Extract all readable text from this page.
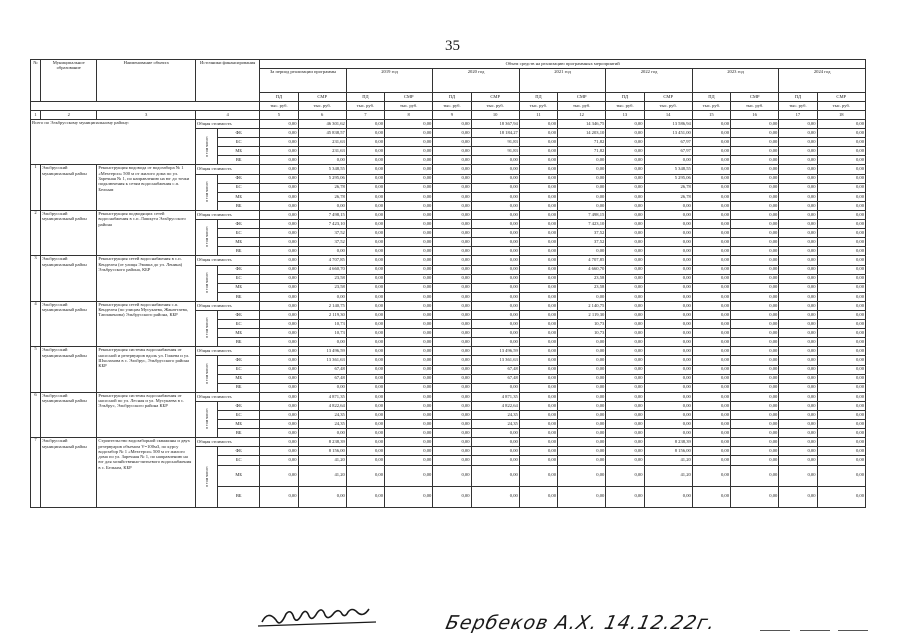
35
№	Муниципальное образование	Наименование объекта	Источники финансирования		Объем средств на реализацию программных мероприятий													
					За период реализации программы		2019 год		2020 год		2021 год		2022 год		2023 год		2024 год	
					ПД	СМР	ПД	СМР	ПД	СМР	ПД	СМР	ПД	СМР	ПД	СМР	ПД	СМР
					тыс. руб.	тыс. руб.	тыс. руб.	тыс. руб.	тыс. руб.	тыс. руб.	тыс. руб.	тыс. руб.	тыс. руб.	тыс. руб.	тыс. руб.	тыс. руб.	тыс. руб.	тыс. руб.
1	2	3	4		5	6	7	8	9	10	11	12	13	14	15	16	17	18
Всего по Эльбрусскому муниципальному району:			Общая стоимость		0,00	46 301,62	0,00	0,00	0,00	18 367,94	0,00	14 346,75	0,00	13 586,94	0,00	0,00	0,00	0,00
			в том числе:	ФБ	0,00	45 838,57	0,00	0,00	0,00	18 184,27	0,00	14 203,10	0,00	13 451,00	0,00	0,00	0,00	0,00
				БС	0,00	231,63	0,00	0,00	0,00	91,83	0,00	71,82	0,00	67,97	0,00	0,00	0,00	0,00
				МБ	0,00	231,63	0,00	0,00	0,00	91,83	0,00	71,82	0,00	67,97	0,00	0,00	0,00	0,00
				ВБ	0,00	0,00	0,00	0,00	0,00	0,00	0,00	0,00	0,00	0,00	0,00	0,00	0,00	0,00
1	Эльбрусский муниципальный район	Реконструкция водовода от водозабора № 1 «Мехтерси» 500 м от жилого дома по ул. Заречная № 1, по направлению на юг до точки подключения к сетям водоснабжения с.п. Бельым	Общая стоимость		0,00	5 348,55	0,00	0,00	0,00	0,00	0,00	0,00	0,00	5 348,55	0,00	0,00	0,00	0,00
			в том числе:	ФБ	0,00	5 295,06	0,00	0,00	0,00	0,00	0,00	0,00	0,00	5 295,06	0,00	0,00	0,00	0,00
				БС	0,00	26,78	0,00	0,00	0,00	0,00	0,00	0,00	0,00	26,78	0,00	0,00	0,00	0,00
				МБ	0,00	26,78	0,00	0,00	0,00	0,00	0,00	0,00	0,00	26,78	0,00	0,00	0,00	0,00
				ВБ	0,00	0,00	0,00	0,00	0,00	0,00	0,00	0,00	0,00	0,00	0,00	0,00	0,00	0,00
2	Эльбрусский муниципальный район	Реконструкция подводящих сетей водоснабжения в с.п. Лашкута Эльбрусского района	Общая стоимость		0,00	7 498,15	0,00	0,00	0,00	0,00	0,00	7 498,15	0,00	0,00	0,00	0,00	0,00	0,00
			в том числе:	ФБ	0,00	7 423,10	0,00	0,00	0,00	0,00	0,00	7 423,10	0,00	0,00	0,00	0,00	0,00	0,00
				БС	0,00	37,52	0,00	0,00	0,00	0,00	0,00	37,52	0,00	0,00	0,00	0,00	0,00	0,00
				МБ	0,00	37,52	0,00	0,00	0,00	0,00	0,00	37,52	0,00	0,00	0,00	0,00	0,00	0,00
				ВБ	0,00	0,00	0,00	0,00	0,00	0,00	0,00	0,00	0,00	0,00	0,00	0,00	0,00	0,00
3	Эльбрусский муниципальный район	Реконструкция сетей водоснабжения в с.п. Кенделен (от улицы Эмиша до ул. Ленина) Эльбрусского района, КБР	Общая стоимость		0,00	4 707,85	0,00	0,00	0,00	0,00	0,00	4 707,85	0,00	0,00	0,00	0,00	0,00	0,00
			в том числе:	ФБ	0,00	4 660,70	0,00	0,00	0,00	0,00	0,00	4 660,70	0,00	0,00	0,00	0,00	0,00	0,00
				БС	0,00	23,58	0,00	0,00	0,00	0,00	0,00	23,58	0,00	0,00	0,00	0,00	0,00	0,00
				МБ	0,00	23,58	0,00	0,00	0,00	0,00	0,00	23,58	0,00	0,00	0,00	0,00	0,00	0,00
				ВБ	0,00	0,00	0,00	0,00	0,00	0,00	0,00	0,00	0,00	0,00	0,00	0,00	0,00	0,00
4	Эльбрусский муниципальный район	Реконструкция сетей водоснабжения с.п. Кенделен (по улицам Мусукаева, Жанаттаева, Таппакенова) Эльбрусского района, КБР	Общая стоимость		0,00	2 140,75	0,00	0,00	0,00	0,00	0,00	2 140,75	0,00	0,00	0,00	0,00	0,00	0,00
			в том числе:	ФБ	0,00	2 119,30	0,00	0,00	0,00	0,00	0,00	2 119,30	0,00	0,00	0,00	0,00	0,00	0,00
				БС	0,00	10,73	0,00	0,00	0,00	0,00	0,00	10,73	0,00	0,00	0,00	0,00	0,00	0,00
				МБ	0,00	10,73	0,00	0,00	0,00	0,00	0,00	10,73	0,00	0,00	0,00	0,00	0,00	0,00
				ВБ	0,00	0,00	0,00	0,00	0,00	0,00	0,00	0,00	0,00	0,00	0,00	0,00	0,00	0,00
5	Эльбрусский муниципальный район	Реконструкция системы водоснабжения от насосной и резервуаров вдоль ул. Гижева и ул. Шхолахова в с. Эльбрус, Эльбрусского района КБР	Общая стоимость		0,00	13 496,59	0,00	0,00	0,00	13 496,59	0,00	0,00	0,00	0,00	0,00	0,00	0,00	0,00
			в том числе:	ФБ	0,00	13 361,63	0,00	0,00	0,00	13 361,63	0,00	0,00	0,00	0,00	0,00	0,00	0,00	0,00
				БС	0,00	67,48	0,00	0,00	0,00	67,48	0,00	0,00	0,00	0,00	0,00	0,00	0,00	0,00
				МБ	0,00	67,48	0,00	0,00	0,00	67,48	0,00	0,00	0,00	0,00	0,00	0,00	0,00	0,00
				ВБ	0,00	0,00	0,00	0,00	0,00	0,00	0,00	0,00	0,00	0,00	0,00	0,00	0,00	0,00
6	Эльбрусский муниципальный район	Реконструкция системы водоснабжения от насосной по ул. Лесная и ул. Мусукаева в с. Эльбрус, Эльбрусского района КБР	Общая стоимость		0,00	4 871,35	0,00	0,00	0,00	4 871,35	0,00	0,00	0,00	0,00	0,00	0,00	0,00	0,00
			в том числе:	ФБ	0,00	4 822,64	0,00	0,00	0,00	4 822,64	0,00	0,00	0,00	0,00	0,00	0,00	0,00	0,00
				БС	0,00	24,35	0,00	0,00	0,00	24,35	0,00	0,00	0,00	0,00	0,00	0,00	0,00	0,00
				МБ	0,00	24,35	0,00	0,00	0,00	24,35	0,00	0,00	0,00	0,00	0,00	0,00	0,00	0,00
				ВБ	0,00	0,00	0,00	0,00	0,00	0,00	0,00	0,00	0,00	0,00	0,00	0,00	0,00	0,00
7	Эльбрусский муниципальный район	Строительство водозаборной скважины и двух резервуаров объемом V=100м3, по курсу водозабор № 1 «Мехтерси» 500 м от жилого дома по ул. Заречная № 1, по направлению на юг для хозяйственно-питьевого водоснабжения в с. Бельым, КБР	Общая стоимость		0,00	8 238,39	0,00	0,00	0,00	0,00	0,00	0,00	0,00	8 238,39	0,00	0,00	0,00	0,00
			в том числе:	ФБ	0,00	8 156,00	0,00	0,00	0,00	0,00	0,00	0,00	0,00	8 156,00	0,00	0,00	0,00	0,00
				БС	0,00	41,20	0,00	0,00	0,00	0,00	0,00	0,00	0,00	41,20	0,00	0,00	0,00	0,00
				МБ	0,00	41,20	0,00	0,00	0,00	0,00	0,00	0,00	0,00	41,20	0,00	0,00	0,00	0,00
				ВБ	0,00	0,00	0,00	0,00	0,00	0,00	0,00	0,00	0,00	0,00	0,00	0,00	0,00	0,00
Бербеков А.Х. 14.12.22г.
